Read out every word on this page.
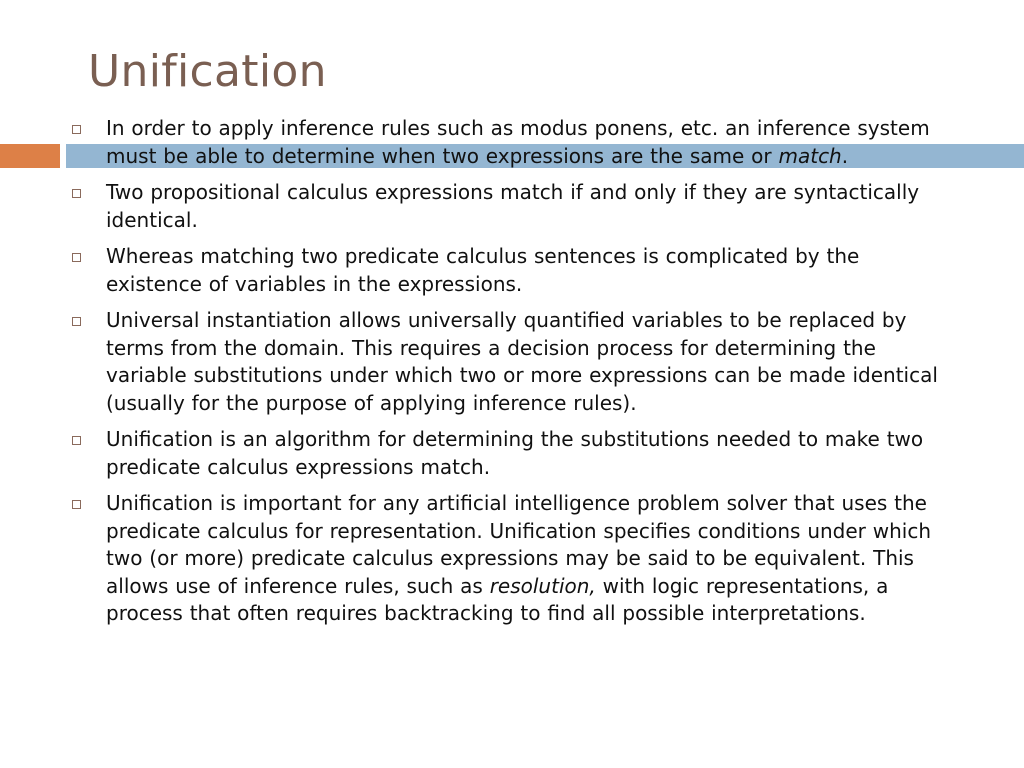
Unification
In order to apply inference rules such as modus ponens, etc. an inference system must be able to determine when two expressions are the same or match.
Two propositional calculus expressions match if and only if they are syntactically identical.
Whereas matching two predicate calculus sentences is complicated by the existence of variables in the expressions.
Universal instantiation allows universally quantified variables to be replaced by terms from the domain. This requires a decision process for determining the variable substitutions under which two or more expressions can be made identical (usually for the purpose of applying inference rules).
Unification is an algorithm for determining the substitutions needed to make two predicate calculus expressions match.
Unification is important for any artificial intelligence problem solver that uses the predicate calculus for representation. Unification specifies conditions under which two (or more) predicate calculus expressions may be said to be equivalent. This allows use of inference rules, such as resolution, with logic representations, a process that often requires backtracking to find all possible interpretations.
